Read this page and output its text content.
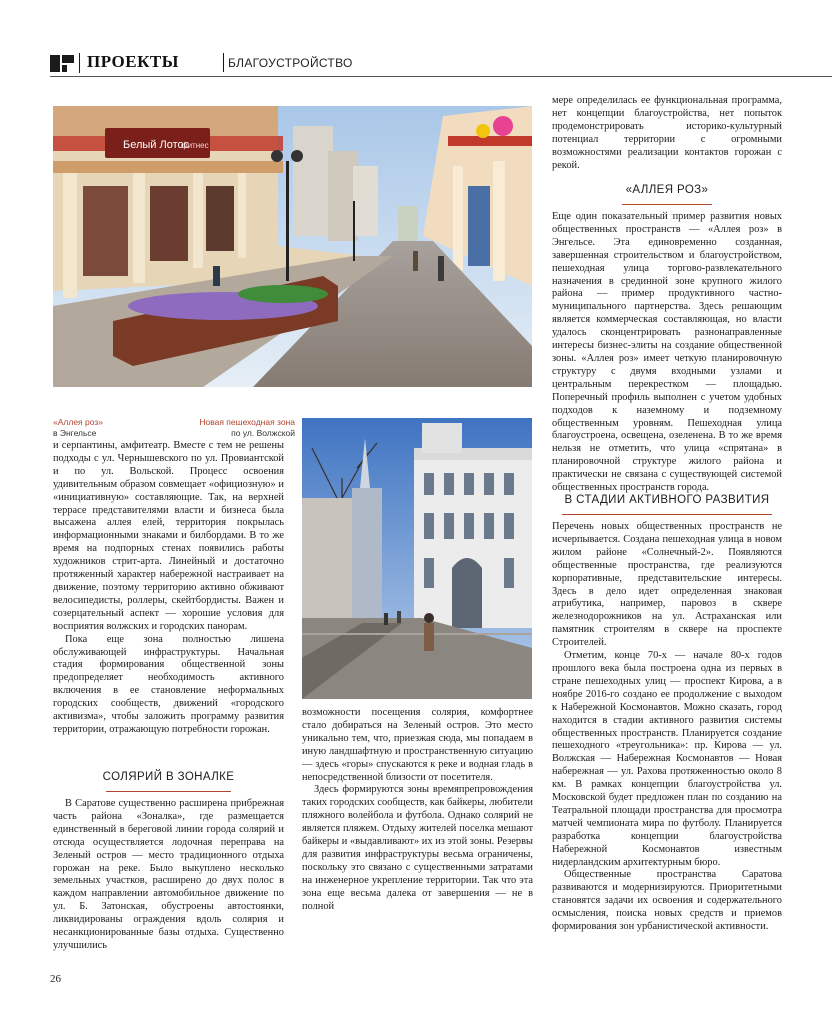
ПРОЕКТЫ	БЛАГОУСТРОЙСТВО
Белый Лотос
фитнес
«Аллея роз»
в Энгельсе
Новая пешеходная зона
по ул. Волжской

и серпантины, амфитеатр. Вместе с тем не решены подходы с ул. Чернышевского по ул. Провиантской и по ул. Вольской. Процесс освоения удивительным образом совмещает «официозную» и «инициативную» составляющие. Так, на верхней террасе представителями власти и бизнеса была высажена аллея елей, территория покрылась информационными знаками и билбордами. В то же время на подпорных стенах появились работы художников стрит-арта. Линейный и достаточно протяженный характер набережной настраивает на движение, поэтому территорию активно обживают велосипедисты, роллеры, скейтбордисты. Важен и созерцательный аспект — хорошие условия для восприятия волжских и городских панорам.

Пока еще зона полностью лишена обслуживающей инфраструктуры. Начальная стадия формирования общественной зоны предопределяет необходимость активного включения в ее становление неформальных городских сообществ, движений «городского активизма», чтобы заложить программу развития территории, отражающую потребности горожан.

СОЛЯРИЙ В ЗОНАЛКЕ

В Саратове существенно расширена прибрежная часть района «Зоналка», где размещается единственный в береговой линии города солярий и отсюда осуществляется лодочная переправа на Зеленый остров — место традиционного отдыха горожан на реке. Было выкуплено несколько земельных участков, расширено до двух полос в каждом направлении автомобильное движение по ул. Б. Затонская, обустроены автостоянки, ликвидированы ограждения вдоль солярия и несанкционированные базы отдыха. Существенно улучшились

возможности посещения солярия, комфортнее стало добираться на Зеленый остров. Это место уникально тем, что, приезжая сюда, мы попадаем в иную ландшафтную и пространственную ситуацию — здесь «горы» спускаются к реке и водная гладь в непосредственной близости от посетителя.

Здесь формируются зоны времяпрепровождения таких городских сообществ, как байкеры, любители пляжного волейбола и футбола. Однако солярий не является пляжем. Отдыху жителей поселка мешают байкеры и «выдавливают» их из этой зоны. Резервы для развития инфраструктуры весьма ограничены, поскольку это связано с существенными затратами на инженерное укрепление территории. Так что эта зона еще весьма далека от завершения — не в полной

мере определилась ее функциональная программа, нет концепции благоустройства, нет попыток продемонстрировать историко-культурный потенциал территории с огромными возможностями реализации контактов горожан с рекой.

«АЛЛЕЯ РОЗ»

Еще один показательный пример развития новых общественных пространств — «Аллея роз» в Энгельсе. Эта единовременно созданная, завершенная строительством и благоустройством, пешеходная улица торгово-развлекательного назначения в срединной зоне крупного жилого района — пример продуктивного частно-муниципального партнерства. Здесь решающим является коммерческая составляющая, но власти удалось сконцентрировать разнонаправленные интересы бизнес-элиты на создание общественной зоны. «Аллея роз» имеет четкую планировочную структуру с двумя входными узлами и центральным перекрестком — площадью. Поперечный профиль выполнен с учетом удобных подходов к наземному и подземному общественным уровням. Пешеходная улица благоустроена, освещена, озеленена. В то же время нельзя не отметить, что улица «спрятана» в планировочной структуре жилого района и практически не связана с существующей системой общественных пространств города.

В СТАДИИ АКТИВНОГО РАЗВИТИЯ

Перечень новых общественных пространств не исчерпывается. Создана пешеходная улица в новом жилом районе «Солнечный-2». Появляются общественные пространства, где реализуются корпоративные, представительские интересы. Здесь в дело идет определенная знаковая атрибутика, например, паровоз в сквере железнодорожников на ул. Астраханская или памятник строителям в сквере на проспекте Строителей.

Отметим, конце 70-х — начале 80-х годов прошлого века была построена одна из первых в стране пешеходных улиц — проспект Кирова, а в ноябре 2016-го создано ее продолжение с выходом к Набережной Космонавтов. Можно сказать, город находится в стадии активного развития системы общественных пространств. Планируется создание пешеходного «треугольника»: пр. Кирова — ул. Волжская — Набережная Космонавтов — Новая набережная — ул. Рахова протяженностью около 8 км. В рамках концепции благоустройства ул. Московской будет предложен план по созданию на Театральной площади пространства для просмотра матчей чемпионата мира по футболу. Планируется разработка концепции благоустройства Набережной Космонавтов известным нидерландским архитектурным бюро.

Общественные пространства Саратова развиваются и модернизируются. Приоритетными становятся задачи их освоения и содержательного осмысления, поиска новых средств и приемов формирования зон урбанистической активности.

26
